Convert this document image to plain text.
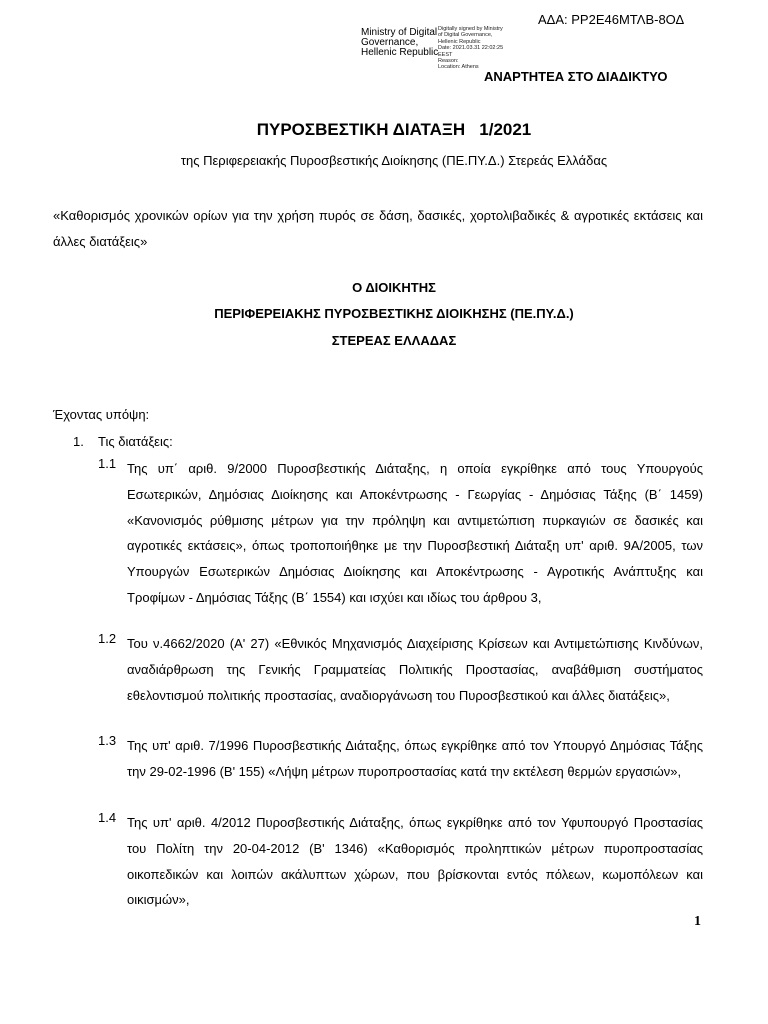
ΑΔΑ: ΡΡ2Ε46ΜΤΛΒ-8ΟΔ
Ministry of Digital
Governance,
Hellenic Republic
Digitally signed by Ministry
of Digital Governance,
Hellenic Republic
Date: 2021.03.31 22:02:25
EEST
Reason:
Location: Athens
ΑΝΑΡΤΗΤΕΑ ΣΤΟ ΔΙΑΔΙΚΤΥΟ
ΠΥΡΟΣΒΕΣΤΙΚΗ ΔΙΑΤΑΞΗ   1/2021
της Περιφερειακής Πυροσβεστικής Διοίκησης (ΠΕ.ΠΥ.Δ.) Στερεάς Ελλάδας
«Καθορισμός χρονικών ορίων για την χρήση πυρός σε δάση, δασικές, χορτολιβαδικές & αγροτικές εκτάσεις και άλλες διατάξεις»
Ο ΔΙΟΙΚΗΤΗΣ
ΠΕΡΙΦΕΡΕΙΑΚΗΣ ΠΥΡΟΣΒΕΣΤΙΚΗΣ ΔΙΟΙΚΗΣΗΣ (ΠΕ.ΠΥ.Δ.)
ΣΤΕΡΕΑΣ ΕΛΛΑΔΑΣ
Έχοντας υπόψη:
1. Τις διατάξεις:
1.1 Της υπ΄ αριθ. 9/2000 Πυροσβεστικής Διάταξης, η οποία εγκρίθηκε από τους Υπουργούς Εσωτερικών, Δημόσιας Διοίκησης και Αποκέντρωσης - Γεωργίας - Δημόσιας Τάξης (Β΄ 1459) «Κανονισμός ρύθμισης μέτρων για την πρόληψη και αντιμετώπιση πυρκαγιών σε δασικές και αγροτικές εκτάσεις», όπως τροποποιήθηκε με την Πυροσβεστική Διάταξη υπ' αριθ. 9Α/2005, των Υπουργών Εσωτερικών Δημόσιας Διοίκησης και Αποκέντρωσης - Αγροτικής Ανάπτυξης και Τροφίμων - Δημόσιας Τάξης (Β΄ 1554) και ισχύει και ιδίως του άρθρου 3,
1.2 Του ν.4662/2020 (Α' 27) «Εθνικός Μηχανισμός Διαχείρισης Κρίσεων και Αντιμετώπισης Κινδύνων, αναδιάρθρωση της Γενικής Γραμματείας Πολιτικής Προστασίας, αναβάθμιση συστήματος εθελοντισμού πολιτικής προστασίας, αναδιοργάνωση του Πυροσβεστικού και άλλες διατάξεις»,
1.3 Της υπ' αριθ. 7/1996 Πυροσβεστικής Διάταξης, όπως εγκρίθηκε από τον Υπουργό Δημόσιας Τάξης την 29-02-1996 (Β' 155) «Λήψη μέτρων πυροπροστασίας κατά την εκτέλεση θερμών εργασιών»,
1.4 Της υπ' αριθ. 4/2012 Πυροσβεστικής Διάταξης, όπως εγκρίθηκε από τον Υφυπουργό Προστασίας του Πολίτη την 20-04-2012 (Β' 1346) «Καθορισμός προληπτικών μέτρων πυροπροστασίας οικοπεδικών και λοιπών ακάλυπτων χώρων, που βρίσκονται εντός πόλεων, κωμοπόλεων και οικισμών»,
1
